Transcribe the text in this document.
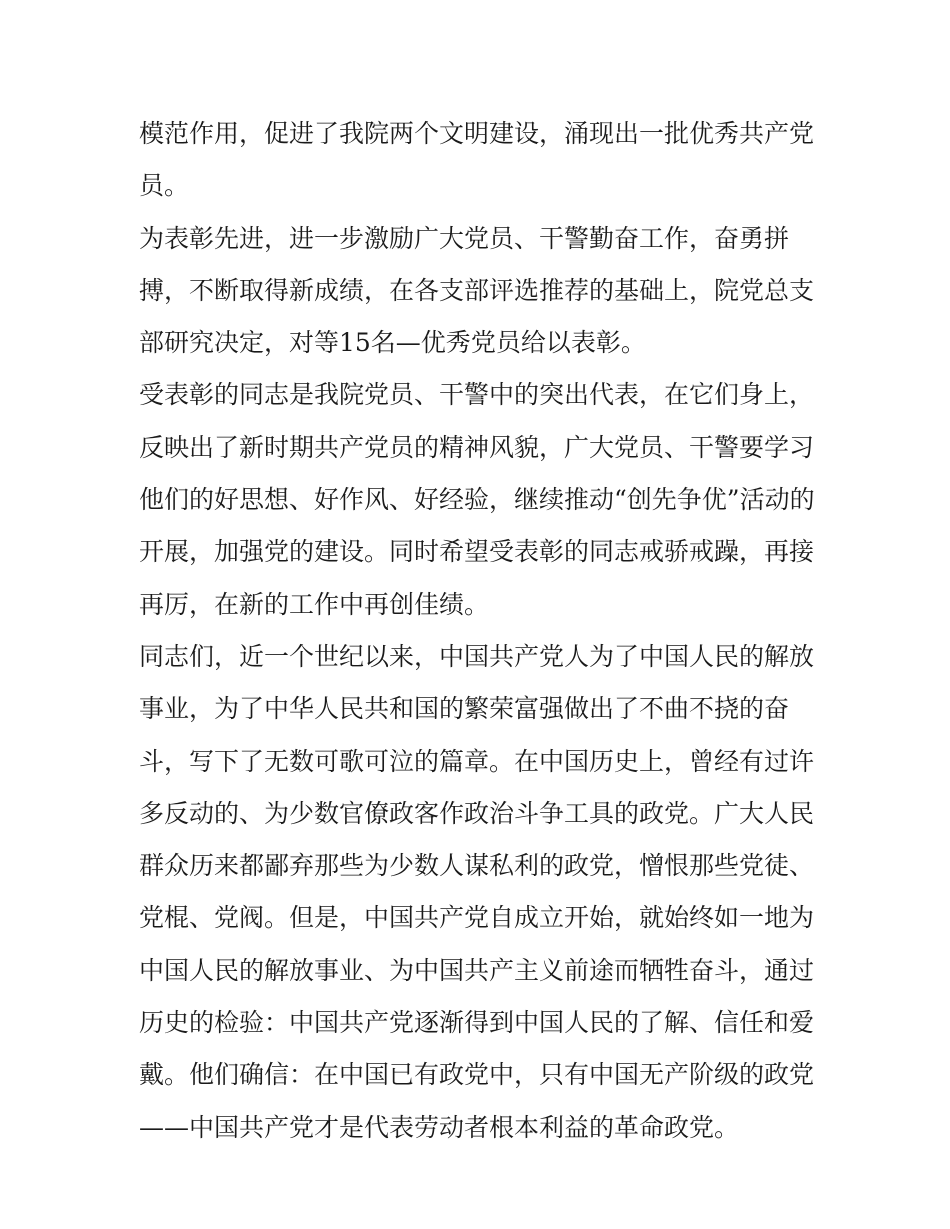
模范作用，促进了我院两个文明建设，涌现出一批优秀共产党
员。
为表彰先进，进一步激励广大党员、干警勤奋工作，奋勇拼
搏，不断取得新成绩，在各支部评选推荐的基础上，院党总支
部研究决定，对等15名—优秀党员给以表彰。
受表彰的同志是我院党员、干警中的突出代表，在它们身上，
反映出了新时期共产党员的精神风貌，广大党员、干警要学习
他们的好思想、好作风、好经验，继续推动“创先争优”活动的
开展，加强党的建设。同时希望受表彰的同志戒骄戒躁，再接
再厉，在新的工作中再创佳绩。
同志们，近一个世纪以来，中国共产党人为了中国人民的解放
事业，为了中华人民共和国的繁荣富强做出了不曲不挠的奋
斗，写下了无数可歌可泣的篇章。在中国历史上，曾经有过许
多反动的、为少数官僚政客作政治斗争工具的政党。广大人民
群众历来都鄙弃那些为少数人谋私利的政党，憎恨那些党徒、
党棍、党阀。但是，中国共产党自成立开始，就始终如一地为
中国人民的解放事业、为中国共产主义前途而牺牲奋斗，通过
历史的检验：中国共产党逐渐得到中国人民的了解、信任和爱
戴。他们确信：在中国已有政党中，只有中国无产阶级的政党
——中国共产党才是代表劳动者根本利益的革命政党。
